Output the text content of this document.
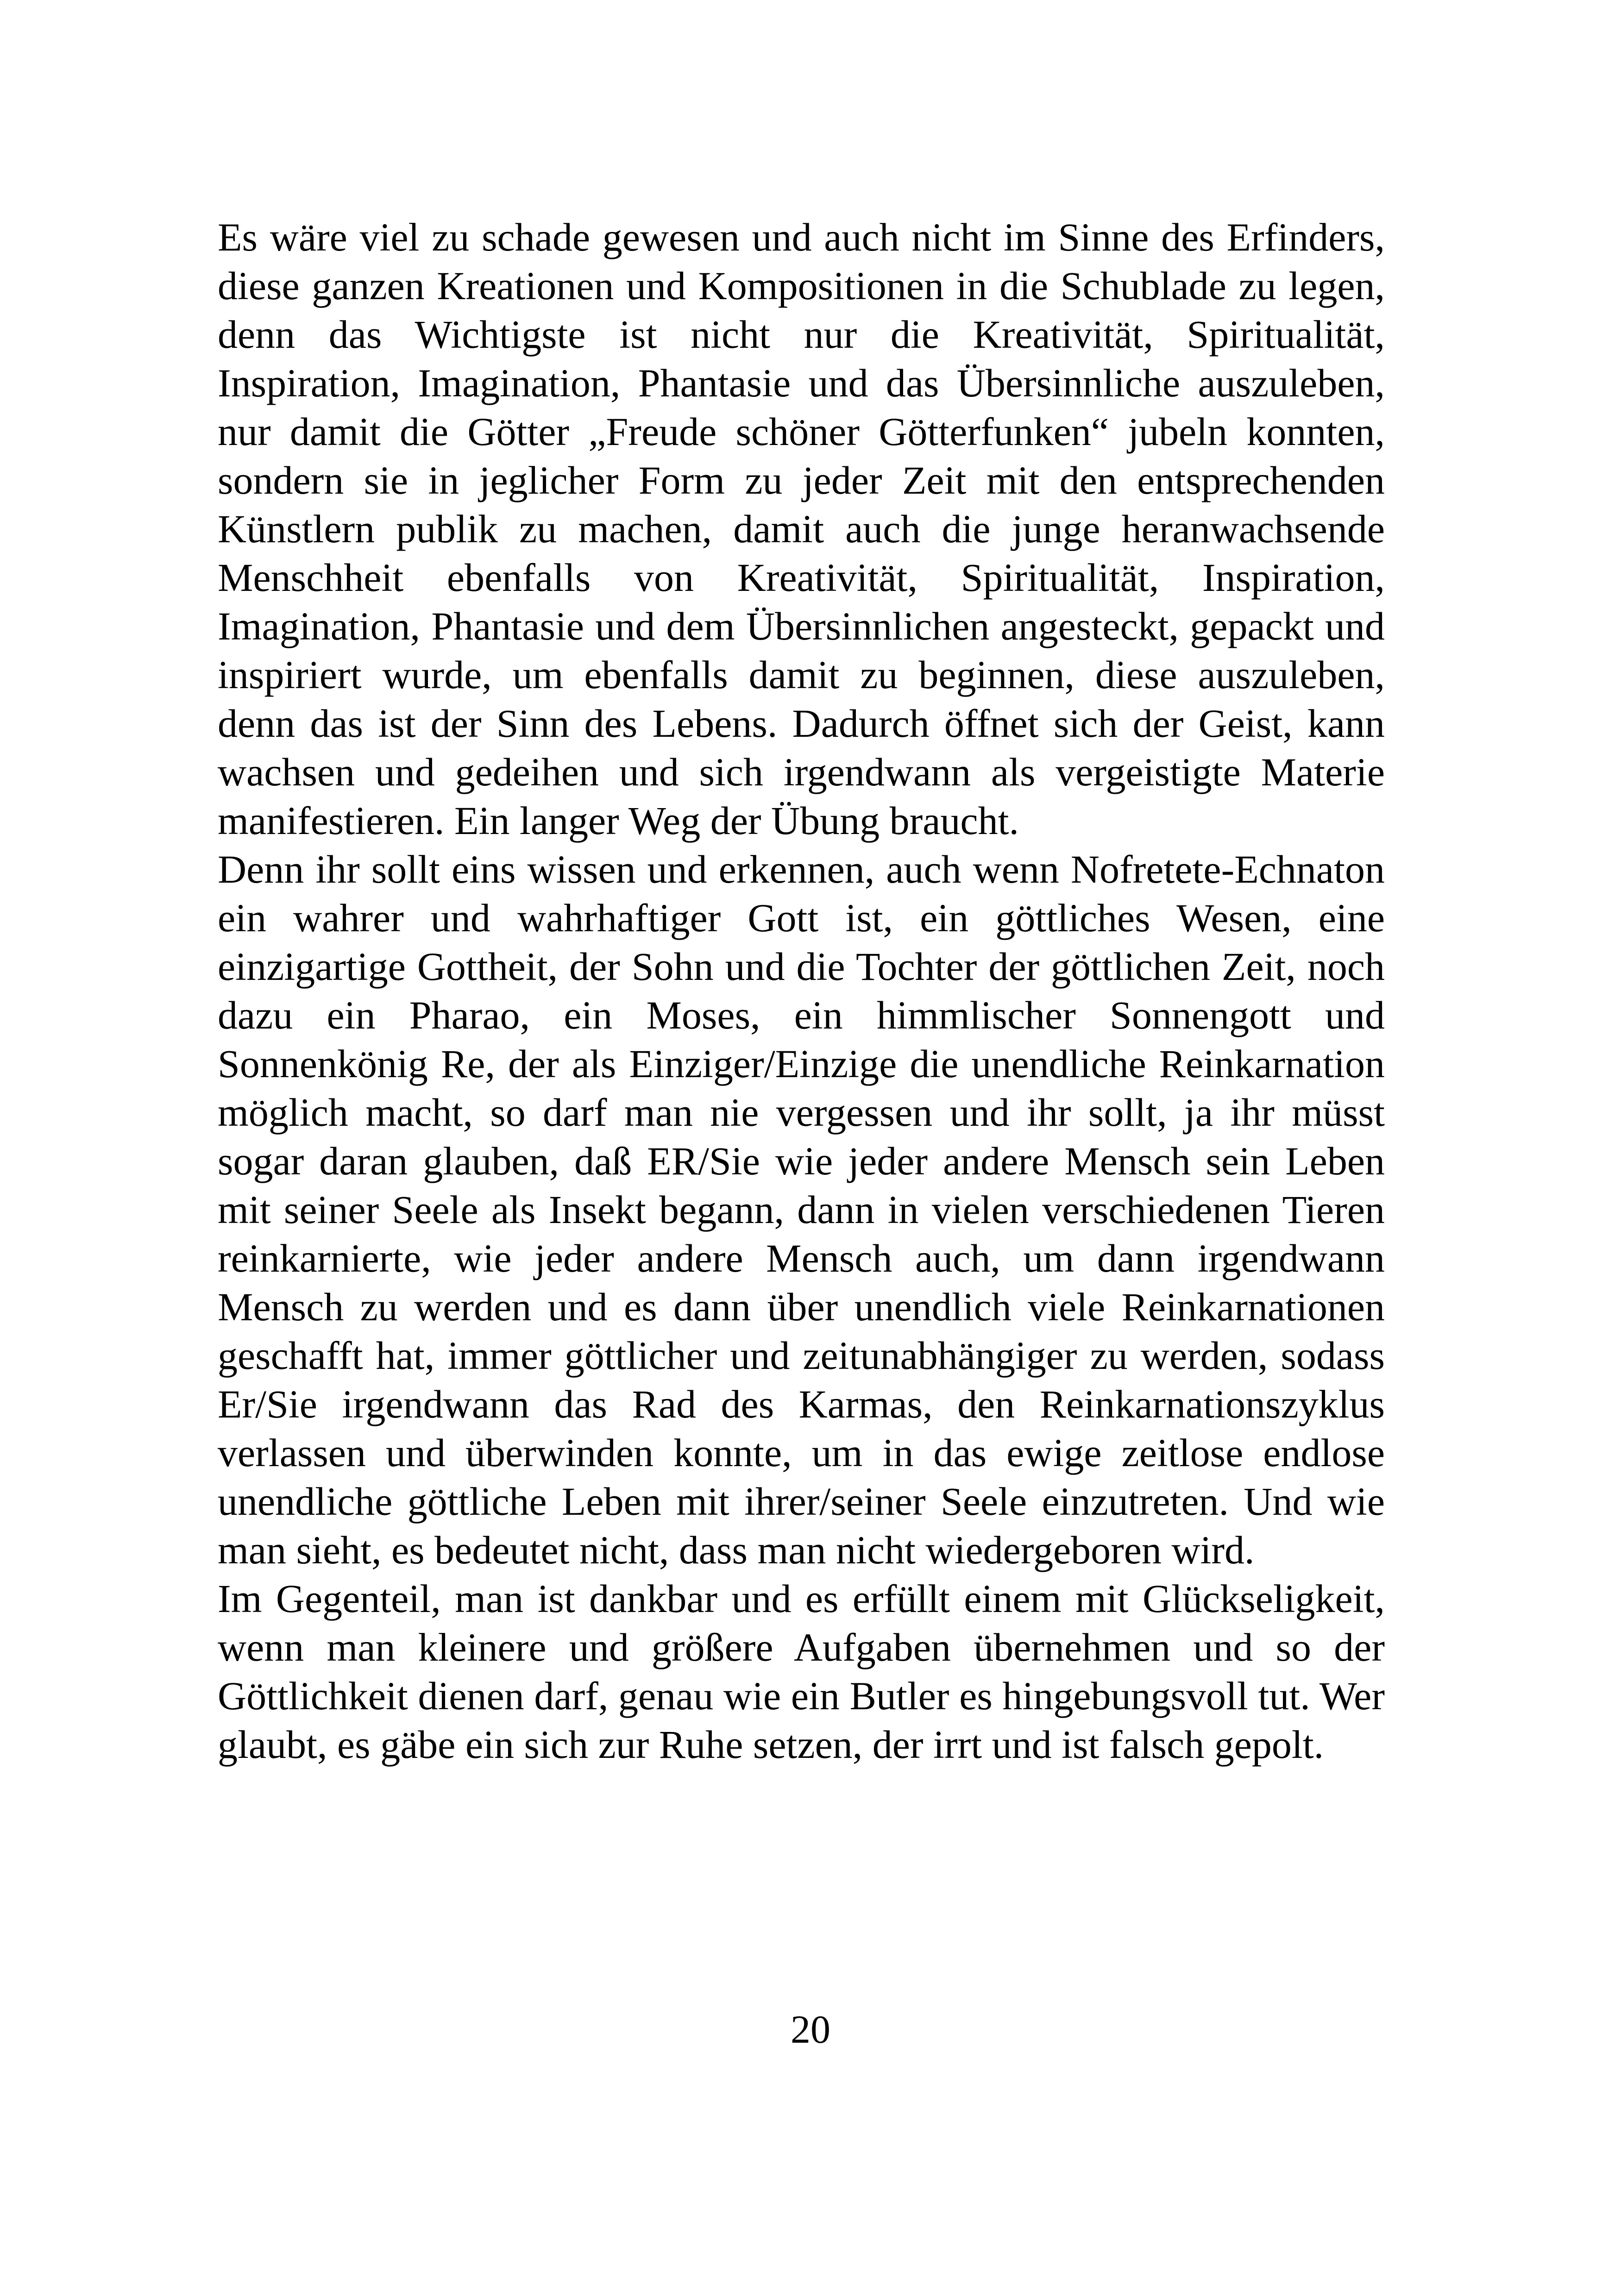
Es wäre viel zu schade gewesen und auch nicht im Sinne des Erfinders, diese ganzen Kreationen und Kompositionen in die Schublade zu legen, denn das Wichtigste ist nicht nur die Kreativität, Spiritualität, Inspiration, Imagination, Phantasie und das Übersinnliche auszuleben, nur damit die Götter „Freude schöner Götterfunken“ jubeln konnten, sondern sie in jeglicher Form zu jeder Zeit mit den entsprechenden Künstlern publik zu machen, damit auch die junge heranwachsende Menschheit ebenfalls von Kreativität, Spiritualität, Inspiration, Imagination, Phantasie und dem Übersinnlichen angesteckt, gepackt und inspiriert wurde, um ebenfalls damit zu beginnen, diese auszuleben, denn das ist der Sinn des Lebens. Dadurch öffnet sich der Geist, kann wachsen und gedeihen und sich irgendwann als vergeistigte Materie manifestieren. Ein langer Weg der Übung braucht.

Denn ihr sollt eins wissen und erkennen, auch wenn Nofretete-Echnaton ein wahrer und wahrhaftiger Gott ist, ein göttliches Wesen, eine einzigartige Gottheit, der Sohn und die Tochter der göttlichen Zeit, noch dazu ein Pharao, ein Moses, ein himmlischer Sonnengott und Sonnenkönig Re, der als Einziger/Einzige die unendliche Reinkarnation möglich macht, so darf man nie vergessen und ihr sollt, ja ihr müsst sogar daran glauben, daß ER/Sie wie jeder andere Mensch sein Leben mit seiner Seele als Insekt begann, dann in vielen verschiedenen Tieren reinkarnierte, wie jeder andere Mensch auch, um dann irgendwann Mensch zu werden und es dann über unendlich viele Reinkarnationen geschafft hat, immer göttlicher und zeitunabhängiger zu werden, sodass Er/Sie irgendwann das Rad des Karmas, den Reinkarnationszyklus verlassen und überwinden konnte, um in das ewige zeitlose endlose unendliche göttliche Leben mit ihrer/seiner Seele einzutreten. Und wie man sieht, es bedeutet nicht, dass man nicht wiedergeboren wird.

Im Gegenteil, man ist dankbar und es erfüllt einem mit Glückseligkeit, wenn man kleinere und größere Aufgaben übernehmen und so der Göttlichkeit dienen darf, genau wie ein Butler es hingebungsvoll tut. Wer glaubt, es gäbe ein sich zur Ruhe setzen, der irrt und ist falsch gepolt.

20
